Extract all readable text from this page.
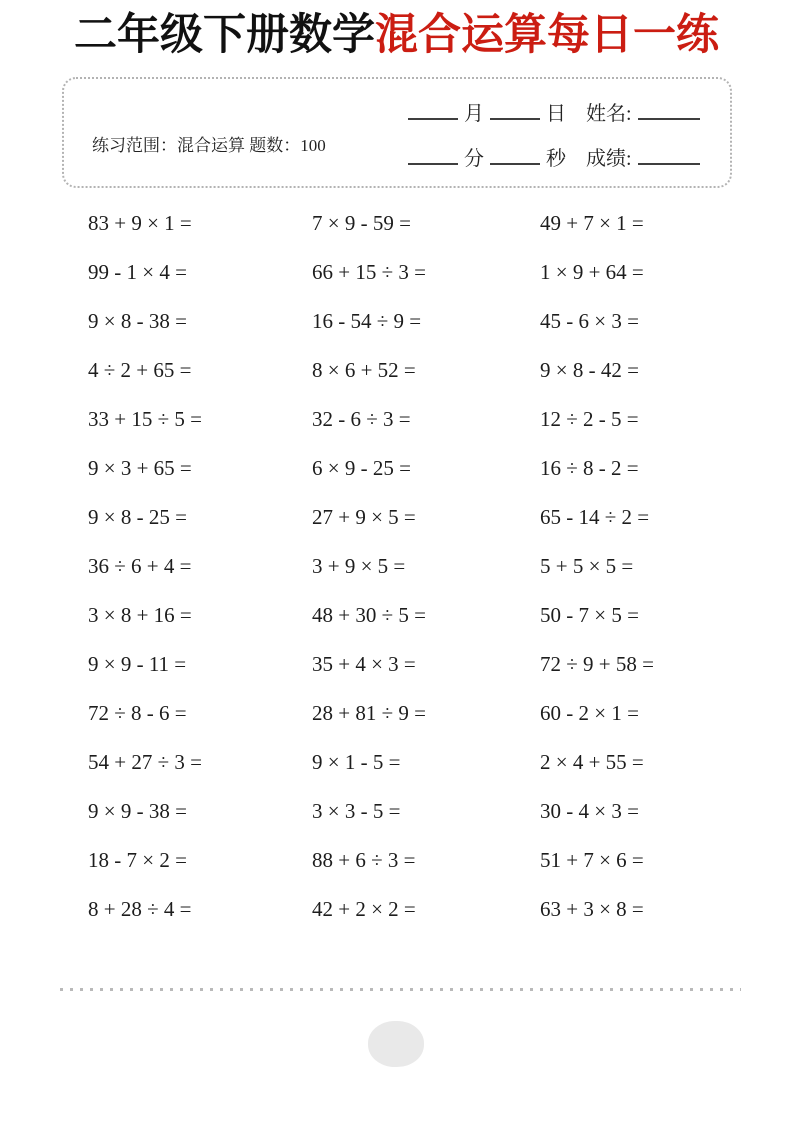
二年级下册数学混合运算每日一练
练习范围：混合运算 题数：100
月	日 姓名:
分	秒 成绩:
83 + 9 × 1 =	7 × 9 - 59 =	49 + 7 × 1 =
99 - 1 × 4 =	66 + 15 ÷ 3 =	1 × 9 + 64 =
9 × 8 - 38 =	16 - 54 ÷ 9 =	45 - 6 × 3 =
4 ÷ 2 + 65 =	8 × 6 + 52 =	9 × 8 - 42 =
33 + 15 ÷ 5 =	32 - 6 ÷ 3 =	12 ÷ 2 - 5 =
9 × 3 + 65 =	6 × 9 - 25 =	16 ÷ 8 - 2 =
9 × 8 - 25 =	27 + 9 × 5 =	65 - 14 ÷ 2 =
36 ÷ 6 + 4 =	3 + 9 × 5 =	5 + 5 × 5 =
3 × 8 + 16 =	48 + 30 ÷ 5 =	50 - 7 × 5 =
9 × 9 - 11 =	35 + 4 × 3 =	72 ÷ 9 + 58 =
72 ÷ 8 - 6 =	28 + 81 ÷ 9 =	60 - 2 × 1 =
54 + 27 ÷ 3 =	9 × 1 - 5 =	2 × 4 + 55 =
9 × 9 - 38 =	3 × 3 - 5 =	30 - 4 × 3 =
18 - 7 × 2 =	88 + 6 ÷ 3 =	51 + 7 × 6 =
8 + 28 ÷ 4 =	42 + 2 × 2 =	63 + 3 × 8 =
